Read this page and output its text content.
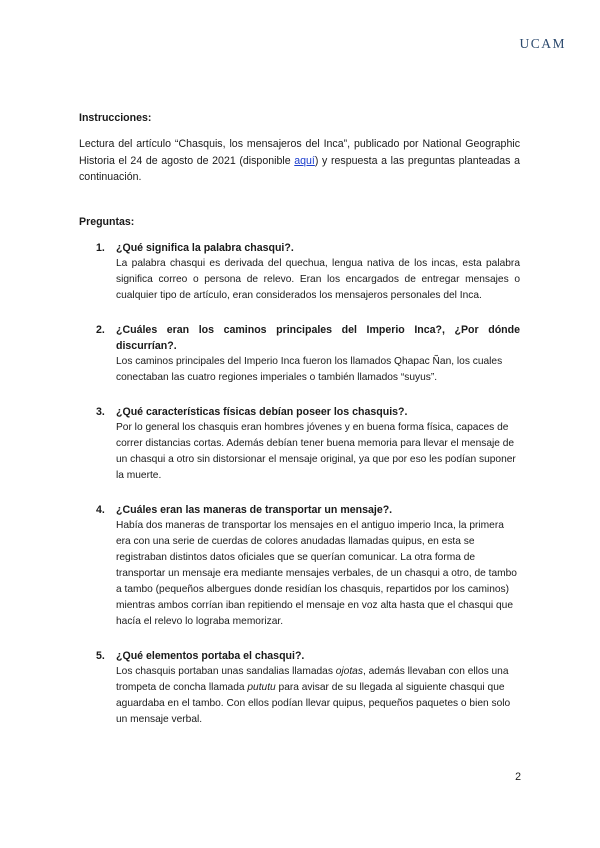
UCAM

Instrucciones:

Lectura del artículo “Chasquis, los mensajeros del Inca”, publicado por National Geographic Historia el 24 de agosto de 2021 (disponible aquí) y respuesta a las preguntas planteadas a continuación.

Preguntas:

1. ¿Qué significa la palabra chasqui?.

La palabra chasqui es derivada del quechua, lengua nativa de los incas, esta palabra significa correo o persona de relevo. Eran los encargados de entregar mensajes o cualquier tipo de artículo, eran considerados los mensajeros personales del Inca.

2. ¿Cuáles eran los caminos principales del Imperio Inca?, ¿Por dónde discurrían?.

Los caminos principales del Imperio Inca fueron los llamados Qhapac Ñan, los cuales conectaban las cuatro regiones imperiales o también llamados “suyus”.

3. ¿Qué características físicas debían poseer los chasquis?.

Por lo general los chasquis eran hombres jóvenes y en buena forma física, capaces de correr distancias cortas. Además debían tener buena memoria para llevar el mensaje de un chasqui a otro sin distorsionar el mensaje original, ya que por eso les podían suponer la muerte.

4. ¿Cuáles eran las maneras de transportar un mensaje?.

Había dos maneras de transportar los mensajes en el antiguo imperio Inca, la primera era con una serie de cuerdas de colores anudadas llamadas quipus, en esta se registraban distintos datos oficiales que se querían comunicar. La otra forma de transportar un mensaje era mediante mensajes verbales, de un chasqui a otro, de tambo a tambo (pequeños albergues donde residían los chasquis, repartidos por los caminos) mientras ambos corrían iban repitiendo el mensaje en voz alta hasta que el chasqui que hacía el relevo lo lograba memorizar.

5. ¿Qué elementos portaba el chasqui?.

Los chasquis portaban unas sandalias llamadas ojotas, además llevaban con ellos una trompeta de concha llamada pututu para avisar de su llegada al siguiente chasqui que aguardaba en el tambo. Con ellos podían llevar quipus, pequeños paquetes o bien solo un mensaje verbal.

2
